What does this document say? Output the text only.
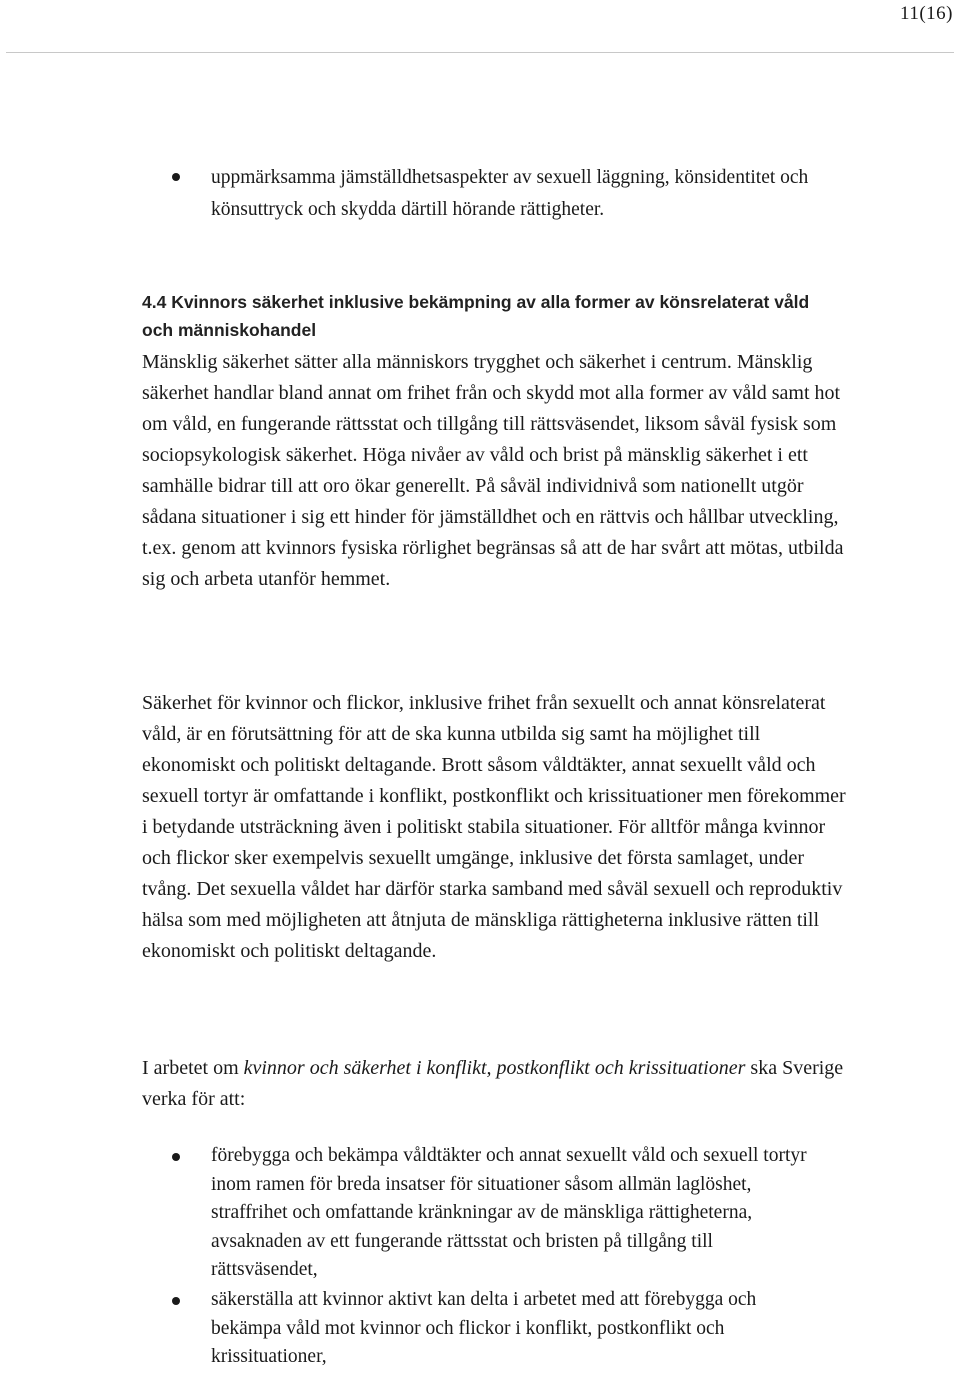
11(16)
uppmärksamma jämställdhetsaspekter av sexuell läggning, könsidentitet och könsuttryck och skydda därtill hörande rättigheter.
4.4 Kvinnors säkerhet inklusive bekämpning av alla former av könsrelaterat våld och människohandel

Mänsklig säkerhet sätter alla människors trygghet och säkerhet i centrum. Mänsklig säkerhet handlar bland annat om frihet från och skydd mot alla former av våld samt hot om våld, en fungerande rättsstat och tillgång till rättsväsendet, liksom såväl fysisk som sociopsykologisk säkerhet. Höga nivåer av våld och brist på mänsklig säkerhet i ett samhälle bidrar till att oro ökar generellt. På såväl individnivå som nationellt utgör sådana situationer i sig ett hinder för jämställdhet och en rättvis och hållbar utveckling, t.ex. genom att kvinnors fysiska rörlighet begränsas så att de har svårt att mötas, utbilda sig och arbeta utanför hemmet.

Säkerhet för kvinnor och flickor, inklusive frihet från sexuellt och annat könsrelaterat våld, är en förutsättning för att de ska kunna utbilda sig samt ha möjlighet till ekonomiskt och politiskt deltagande. Brott såsom våldtäkter, annat sexuellt våld och sexuell tortyr är omfattande i konflikt, postkonflikt och krissituationer men förekommer i betydande utsträckning även i politiskt stabila situationer. För alltför många kvinnor och flickor sker exempelvis sexuellt umgänge, inklusive det första samlaget, under tvång. Det sexuella våldet har därför starka samband med såväl sexuell och reproduktiv hälsa som med möjligheten att åtnjuta de mänskliga rättigheterna inklusive rätten till ekonomiskt och politiskt deltagande.

I arbetet om kvinnor och säkerhet i konflikt, postkonflikt och krissituationer ska Sverige verka för att:

förebygga och bekämpa våldtäkter och annat sexuellt våld och sexuell tortyr inom ramen för breda insatser för situationer såsom allmän laglöshet, straffrihet och omfattande kränkningar av de mänskliga rättigheterna, avsaknaden av ett fungerande rättsstat och bristen på tillgång till rättsväsendet,
säkerställa att kvinnor aktivt kan delta i arbetet med att förebygga och bekämpa våld mot kvinnor och flickor i konflikt, postkonflikt och krissituationer,
